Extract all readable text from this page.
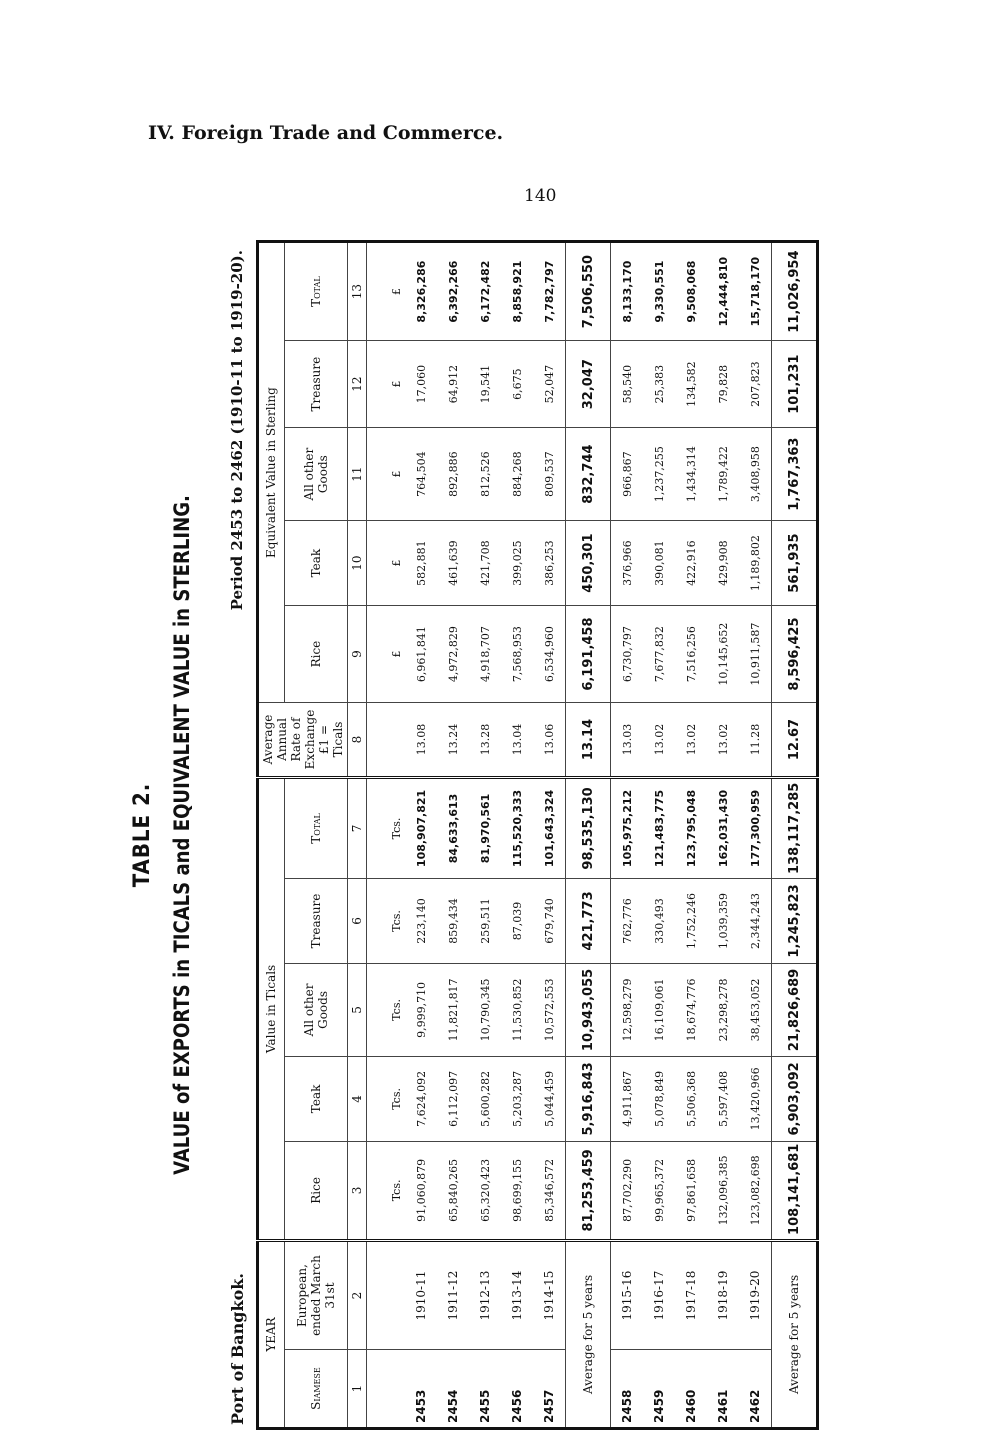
IV. Foreign Trade and Commerce.
140
TABLE 2. VALUE of EXPORTS in TICALS and EQUIVALENT VALUE in STERLING.
Port of Bangkok.
Period 2453 to 2462 (1910-11 to 1919-20).
YEAR		Value in Ticals					Average Annual Rate of Exchange £1 = Ticals	Equivalent Value in Sterling				
Siamese	European, ended March 31st	Rice	Teak	All other Goods	Treasure	Total		Rice	Teak	All other Goods	Treasure	Total
1	2	3	4	5	6	7	8	9	10	11	12	13
		Tcs.	Tcs.	Tcs.	Tcs.	Tcs.		£	£	£	£	£
2453	1910-11	91,060,879	7,624,092	9,999,710	223,140	108,907,821	13.08	6,961,841	582,881	764,504	17,060	8,326,286
2454	1911-12	65,840,265	6,112,097	11,821,817	859,434	84,633,613	13.24	4,972,829	461,639	892,886	64,912	6,392,266
2455	1912-13	65,320,423	5,600,282	10,790,345	259,511	81,970,561	13.28	4,918,707	421,708	812,526	19,541	6,172,482
2456	1913-14	98,699,155	5,203,287	11,530,852	87,039	115,520,333	13.04	7,568,953	399,025	884,268	6,675	8,858,921
2457	1914-15	85,346,572	5,044,459	10,572,553	679,740	101,643,324	13.06	6,534,960	386,253	809,537	52,047	7,782,797
Average for 5 years		81,253,459	5,916,843	10,943,055	421,773	98,535,130	13.14	6,191,458	450,301	832,744	32,047	7,506,550
2458	1915-16	87,702,290	4,911,867	12,598,279	762,776	105,975,212	13.03	6,730,797	376,966	966,867	58,540	8,133,170
2459	1916-17	99,965,372	5,078,849	16,109,061	330,493	121,483,775	13.02	7,677,832	390,081	1,237,255	25,383	9,330,551
2460	1917-18	97,861,658	5,506,368	18,674,776	1,752,246	123,795,048	13.02	7,516,256	422,916	1,434,314	134,582	9,508,068
2461	1918-19	132,096,385	5,597,408	23,298,278	1,039,359	162,031,430	13.02	10,145,652	429,908	1,789,422	79,828	12,444,810
2462	1919-20	123,082,698	13,420,966	38,453,052	2,344,243	177,300,959	11.28	10,911,587	1,189,802	3,408,958	207,823	15,718,170
Average for 5 years		108,141,681	6,903,092	21,826,689	1,245,823	138,117,285	12.67	8,596,425	561,935	1,767,363	101,231	11,026,954
